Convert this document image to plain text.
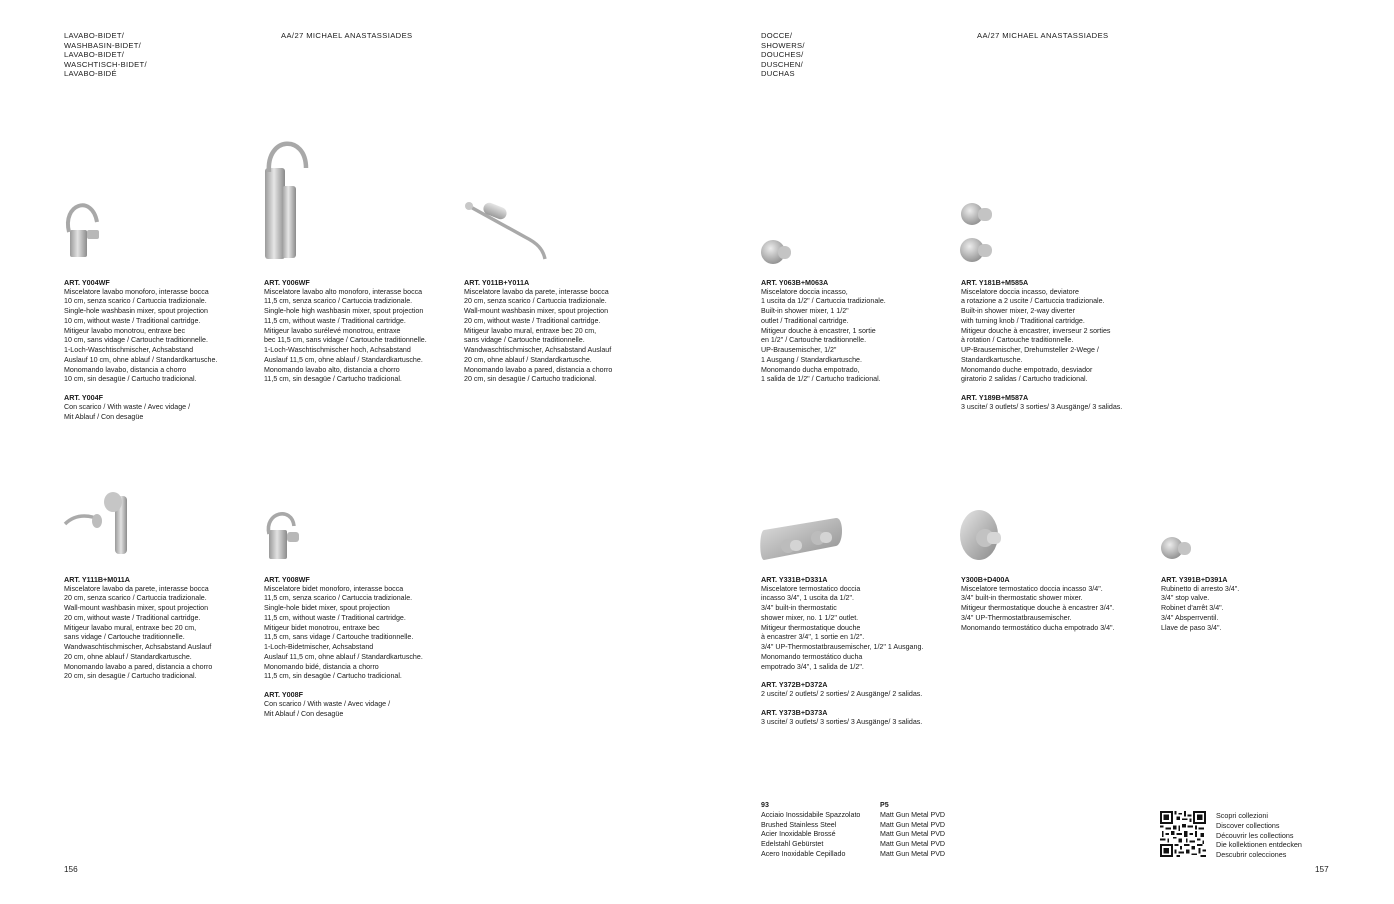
LAVABO-BIDET/
WASHBASIN-BIDET/
LAVABO-BIDET/
WASCHTISCH-BIDET/
LAVABO-BIDÉ
AA/27 MICHAEL ANASTASSIADES
ART. Y004WF
Miscelatore lavabo monoforo, interasse bocca
10 cm, senza scarico / Cartuccia tradizionale.
Single-hole washbasin mixer, spout projection
10 cm, without waste / Traditional cartridge.
Mitigeur lavabo monotrou, entraxe bec
10 cm, sans vidage / Cartouche traditionnelle.
1-Loch-Waschtischmischer, Achsabstand
Auslauf 10 cm, ohne ablauf / Standardkartusche.
Monomando lavabo, distancia a chorro
10 cm, sin desagüe / Cartucho tradicional.
ART. Y004F
Con scarico / With waste / Avec vidage /
Mit Ablauf / Con desagüe
ART. Y006WF
Miscelatore lavabo alto monoforo, interasse bocca
11,5 cm, senza scarico / Cartuccia tradizionale.
Single-hole high washbasin mixer, spout projection
11,5 cm, without waste / Traditional cartridge.
Mitigeur lavabo surélevé monotrou, entraxe
bec 11,5 cm, sans vidage / Cartouche traditionnelle.
1-Loch-Waschtischmischer hoch, Achsabstand
Auslauf 11,5 cm, ohne ablauf / Standardkartusche.
Monomando lavabo alto, distancia a chorro
11,5 cm, sin desagüe / Cartucho tradicional.
ART. Y011B+Y011A
Miscelatore lavabo da parete, interasse bocca
20 cm, senza scarico / Cartuccia tradizionale.
Wall-mount washbasin mixer, spout projection
20 cm, without waste / Traditional cartridge.
Mitigeur lavabo mural, entraxe bec 20 cm,
sans vidage / Cartouche traditionnelle.
Wandwaschtischmischer, Achsabstand Auslauf
20 cm, ohne ablauf / Standardkartusche.
Monomando lavabo a pared, distancia a chorro
20 cm, sin desagüe / Cartucho tradicional.
ART. Y111B+M011A
Miscelatore lavabo da parete, interasse bocca
20 cm, senza scarico / Cartuccia tradizionale.
Wall-mount washbasin mixer, spout projection
20 cm, without waste / Traditional cartridge.
Mitigeur lavabo mural, entraxe bec 20 cm,
sans vidage / Cartouche traditionnelle.
Wandwaschtischmischer, Achsabstand Auslauf
20 cm, ohne ablauf / Standardkartusche.
Monomando lavabo a pared, distancia a chorro
20 cm, sin desagüe / Cartucho tradicional.
ART. Y008WF
Miscelatore bidet monoforo, interasse bocca
11,5 cm, senza scarico / Cartuccia tradizionale.
Single-hole bidet mixer, spout projection
11,5 cm, without waste / Traditional cartridge.
Mitigeur bidet monotrou, entraxe bec
11,5 cm, sans vidage / Cartouche traditionnelle.
1-Loch-Bidetmischer, Achsabstand
Auslauf 11,5 cm, ohne ablauf / Standardkartusche.
Monomando bidé, distancia a chorro
11,5 cm, sin desagüe / Cartucho tradicional.
ART. Y008F
Con scarico / With waste / Avec vidage /
Mit Ablauf / Con desagüe
156
DOCCE/
SHOWERS/
DOUCHES/
DUSCHEN/
DUCHAS
AA/27 MICHAEL ANASTASSIADES
ART. Y063B+M063A
Miscelatore doccia incasso,
1 uscita da 1/2" / Cartuccia tradizionale.
Built-in shower mixer, 1 1/2"
outlet / Traditional cartridge.
Mitigeur douche à encastrer, 1 sortie
en 1/2" / Cartouche traditionnelle.
UP-Brausemischer, 1/2"
1 Ausgang / Standardkartusche.
Monomando ducha empotrado,
1 salida de 1/2" / Cartucho tradicional.
ART. Y181B+M585A
Miscelatore doccia incasso, deviatore
a rotazione a 2 uscite / Cartuccia tradizionale.
Built-in shower mixer, 2-way diverter
with turning knob / Traditional cartridge.
Mitigeur douche à encastrer, inverseur 2 sorties
à rotation / Cartouche traditionnelle.
UP-Brausemischer, Drehumsteller 2-Wege /
Standardkartusche.
Monomando duche empotrado, desviador
giratorio 2 salidas / Cartucho tradicional.
ART. Y189B+M587A
3 uscite/ 3 outlets/ 3 sorties/ 3 Ausgänge/ 3 salidas.
ART. Y331B+D331A
Miscelatore termostatico doccia
incasso 3/4", 1 uscita da 1/2".
3/4" built-in thermostatic
shower mixer, no. 1 1/2" outlet.
Mitigeur thermostatique douche
à encastrer 3/4", 1 sortie en 1/2".
3/4" UP-Thermostatbrausemischer, 1/2" 1 Ausgang.
Monomando termostático ducha
empotrado 3/4", 1 salida de 1/2".
ART. Y372B+D372A
2 uscite/ 2 outlets/ 2 sorties/ 2 Ausgänge/ 2 salidas.
ART. Y373B+D373A
3 uscite/ 3 outlets/ 3 sorties/ 3 Ausgänge/ 3 salidas.
Y300B+D400A
Miscelatore termostatico doccia incasso 3/4".
3/4" built-in thermostatic shower mixer.
Mitigeur thermostatique douche à encastrer 3/4".
3/4" UP-Thermostatbrausemischer.
Monomando termostático ducha empotrado 3/4".
ART. Y391B+D391A
Rubinetto di arresto 3/4".
3/4" stop valve.
Robinet d'arrêt 3/4".
3/4" Absperrventil.
Llave de paso 3/4".
93
Acciaio Inossidabile Spazzolato
Brushed Stainless Steel
Acier Inoxidable Brossé
Edelstahl Gebürstet
Acero Inoxidable Cepillado
P5
Matt Gun Metal PVD
Matt Gun Metal PVD
Matt Gun Metal PVD
Matt Gun Metal PVD
Matt Gun Metal PVD
Scopri collezioni
Discover collections
Découvrir les collections
Die kollektionen entdecken
Descubrir colecciones
157
